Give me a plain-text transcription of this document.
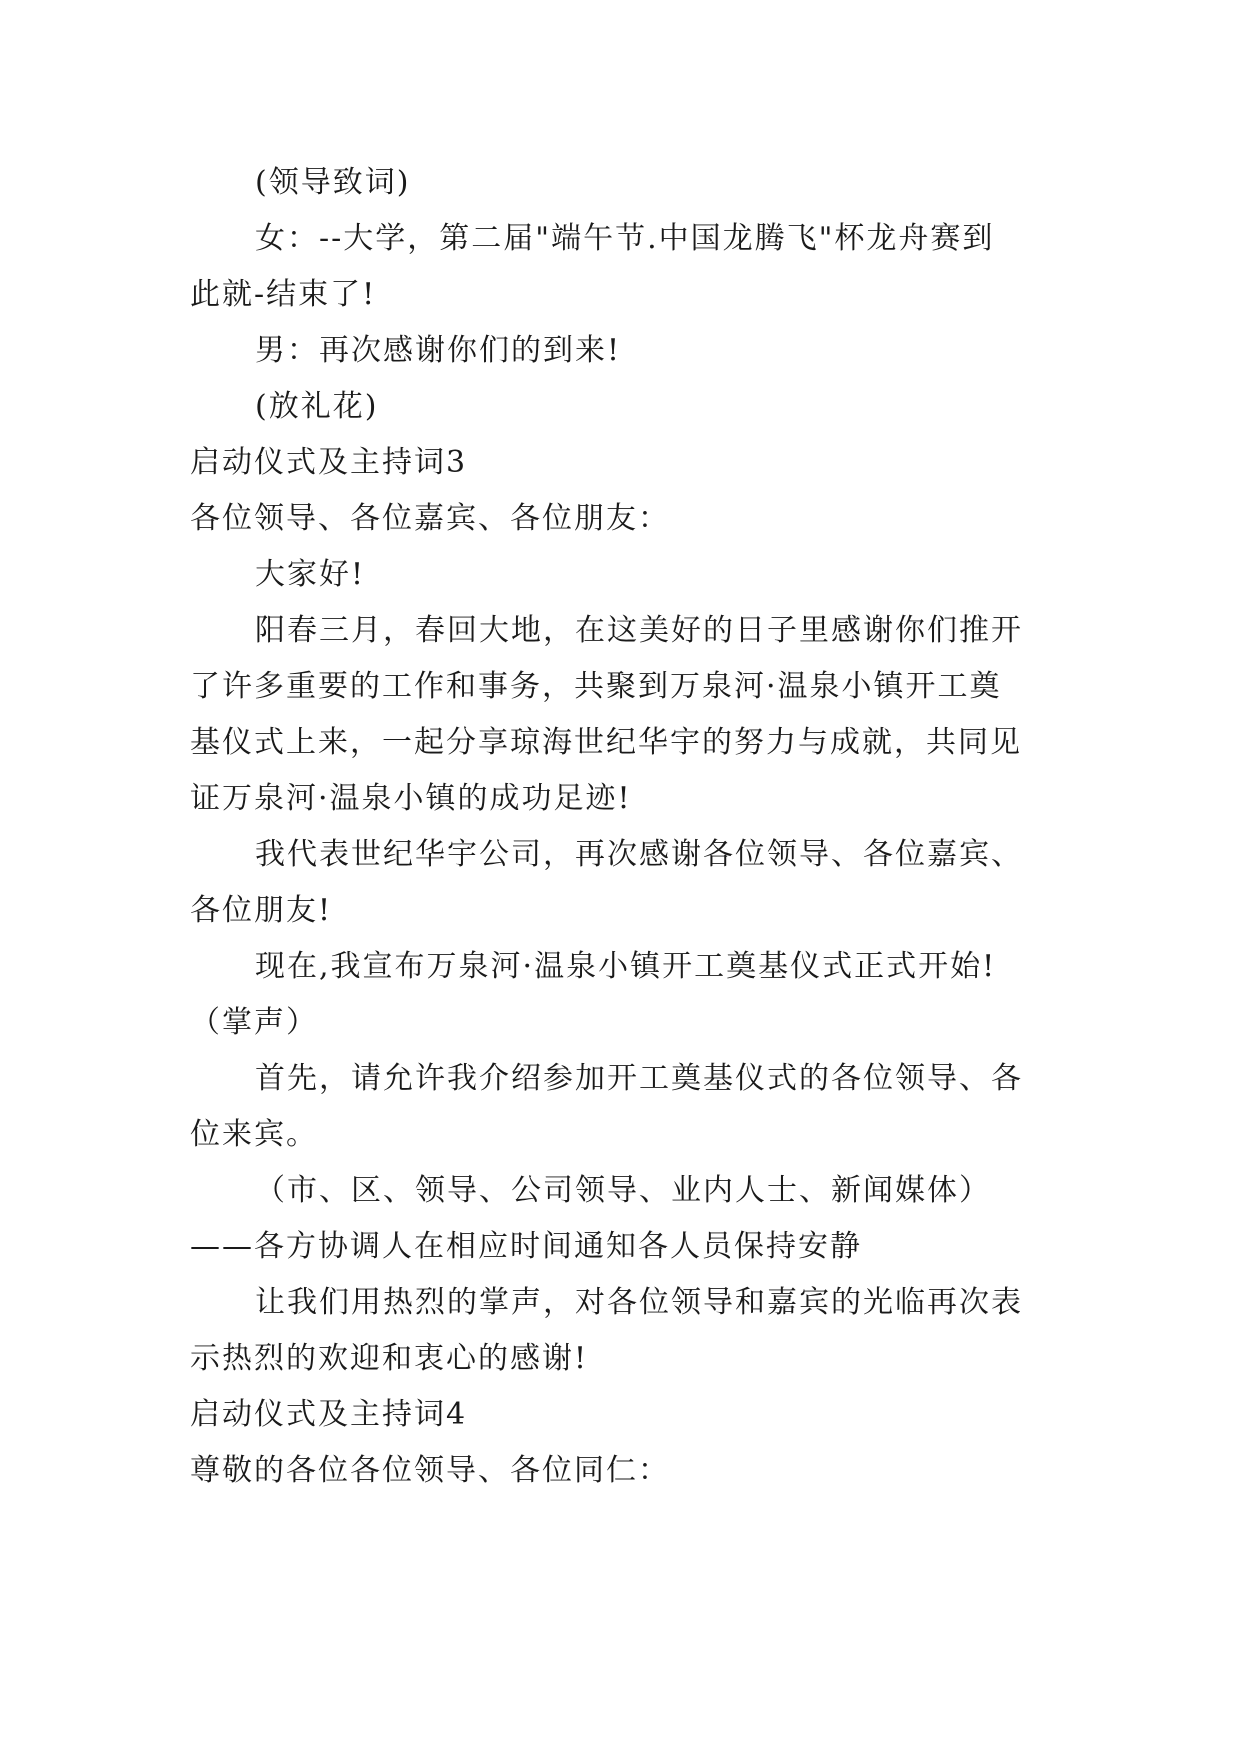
(领导致词)
女：--大学，第二届"端午节.中国龙腾飞"杯龙舟赛到
此就-结束了!
男：再次感谢你们的到来!
(放礼花)
启动仪式及主持词3
各位领导、各位嘉宾、各位朋友：
大家好!
阳春三月，春回大地，在这美好的日子里感谢你们推开
了许多重要的工作和事务，共聚到万泉河·温泉小镇开工奠
基仪式上来，一起分享琼海世纪华宇的努力与成就，共同见
证万泉河·温泉小镇的成功足迹!
我代表世纪华宇公司，再次感谢各位领导、各位嘉宾、
各位朋友!
现在,我宣布万泉河·温泉小镇开工奠基仪式正式开始!
（掌声）
首先，请允许我介绍参加开工奠基仪式的各位领导、各
位来宾。
（市、区、领导、公司领导、业内人士、新闻媒体）
——各方协调人在相应时间通知各人员保持安静
让我们用热烈的掌声，对各位领导和嘉宾的光临再次表
示热烈的欢迎和衷心的感谢!
启动仪式及主持词4
尊敬的各位各位领导、各位同仁：
